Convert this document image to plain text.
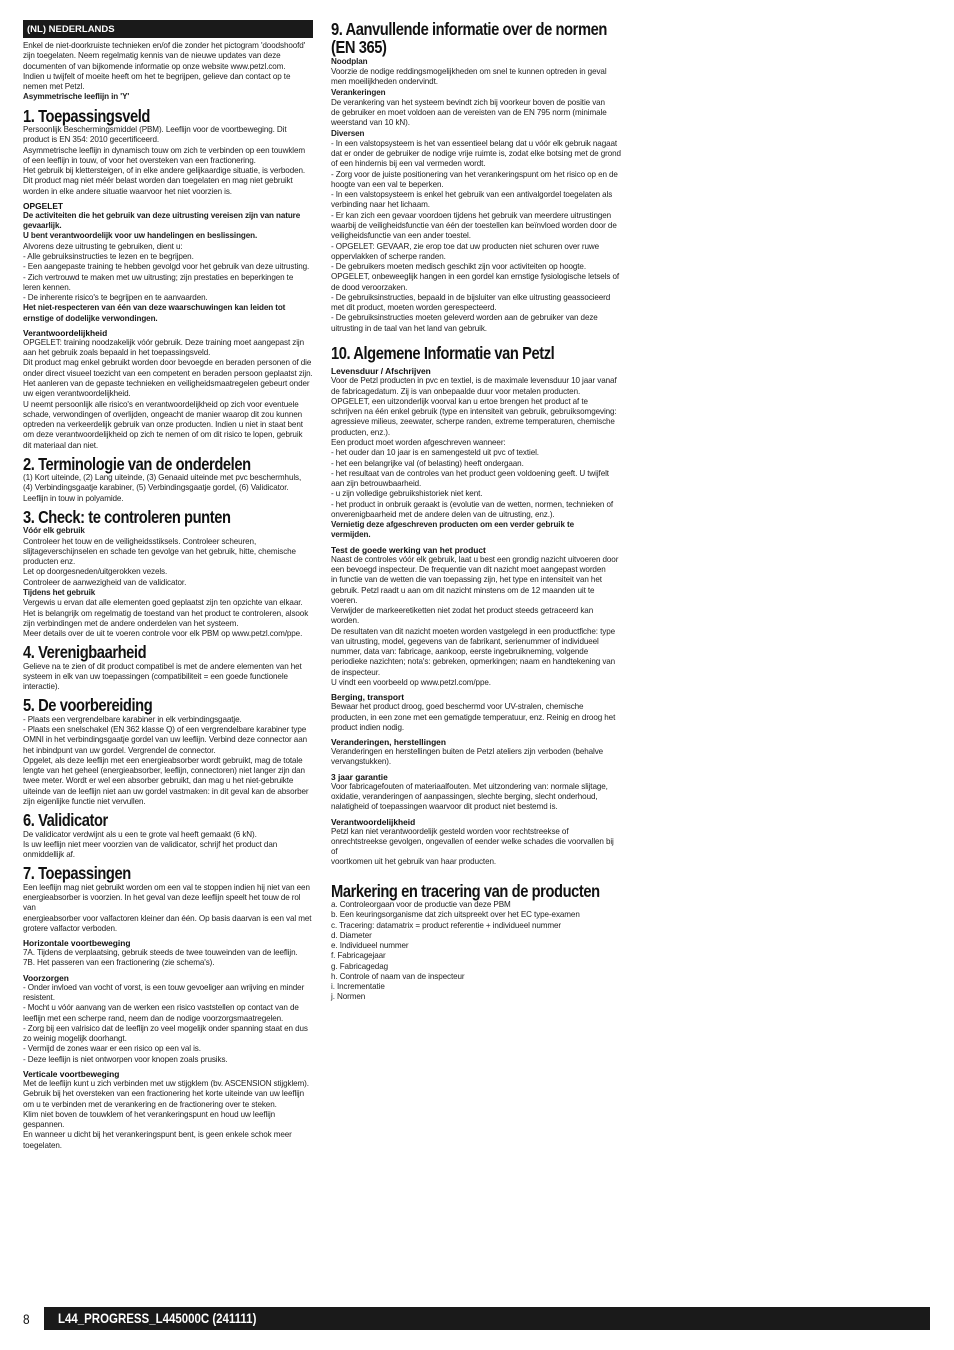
(NL) NEDERLANDS

Enkel de niet-doorkruiste technieken en/of die zonder het pictogram 'doodshoofd'
zijn toegelaten. Neem regelmatig kennis van de nieuwe updates van deze
documenten of van bijkomende informatie op onze website www.petzl.com.
Indien u twijfelt of moeite heeft om het te begrijpen, gelieve dan contact op te
nemen met Petzl.

Asymmetrische leeflijn in 'Y'

1. Toepassingsveld

Persoonlijk Beschermingsmiddel (PBM). Leeflijn voor de voortbeweging. Dit
product is EN 354: 2010 gecertificeerd.
Asymmetrische leeflijn in dynamisch touw om zich te verbinden op een touwklem
of een leeflijn in touw, of voor het oversteken van een fractionering.
Het gebruik bij klettersteigen, of in elke andere gelijkaardige situatie, is verboden.
Dit product mag niet méér belast worden dan toegelaten en mag niet gebruikt
worden in elke andere situatie waarvoor het niet voorzien is.

OPGELET

De activiteiten die het gebruik van deze uitrusting vereisen zijn van nature
gevaarlijk.
U bent verantwoordelijk voor uw handelingen en beslissingen.

Alvorens deze uitrusting te gebruiken, dient u:
- Alle gebruiksinstructies te lezen en te begrijpen.
- Een aangepaste training te hebben gevolgd voor het gebruik van deze uitrusting.
- Zich vertrouwd te maken met uw uitrusting; zijn prestaties en beperkingen te
leren kennen.
- De inherente risico's te begrijpen en te aanvaarden.

Het niet-respecteren van één van deze waarschuwingen kan leiden tot
ernstige of dodelijke verwondingen.

Verantwoordelijkheid

OPGELET: training noodzakelijk vóór gebruik. Deze training moet aangepast zijn
aan het gebruik zoals bepaald in het toepassingsveld.
Dit product mag enkel gebruikt worden door bevoegde en beraden personen of die
onder direct visueel toezicht van een competent en beraden persoon geplaatst zijn.
Het aanleren van de gepaste technieken en veiligheidsmaatregelen gebeurt onder
uw eigen verantwoordelijkheid.
U neemt persoonlijk alle risico's en verantwoordelijkheid op zich voor eventuele
schade, verwondingen of overlijden, ongeacht de manier waarop dit zou kunnen
optreden na verkeerdelijk gebruik van onze producten. Indien u niet in staat bent
om deze verantwoordelijkheid op zich te nemen of om dit risico te lopen, gebruik
dit materiaal dan niet.

2. Terminologie van de onderdelen

(1) Kort uiteinde, (2) Lang uiteinde, (3) Genaaid uiteinde met pvc beschermhuls,
(4) Verbindingsgaatje karabiner, (5) Verbindingsgaatje gordel, (6) Validicator.
Leeflijn in touw in polyamide.

3. Check: te controleren punten

Vóór elk gebruik

Controleer het touw en de veiligheidsstiksels. Controleer scheuren,
slijtageverschijnselen en schade ten gevolge van het gebruik, hitte, chemische
producten enz.
Let op doorgesneden/uitgerokken vezels.
Controleer de aanwezigheid van de validicator.

Tijdens het gebruik

Vergewis u ervan dat alle elementen goed geplaatst zijn ten opzichte van elkaar.
Het is belangrijk om regelmatig de toestand van het product te controleren, alsook
zijn verbindingen met de andere onderdelen van het systeem.
Meer details over de uit te voeren controle voor elk PBM op www.petzl.com/ppe.

4. Verenigbaarheid

Gelieve na te zien of dit product compatibel is met de andere elementen van het
systeem in elk van uw toepassingen (compatibiliteit = een goede functionele
interactie).

5. De voorbereiding

- Plaats een vergrendelbare karabiner in elk verbindingsgaatje.
- Plaats een snelschakel (EN 362 klasse Q) of een vergrendelbare karabiner type
OMNI in het verbindingsgaatje gordel van uw leeflijn. Verbind deze connector aan
het inbindpunt van uw gordel. Vergrendel de connector.
Opgelet, als deze leeflijn met een energieabsorber wordt gebruikt, mag de totale
lengte van het geheel (energieabsorber, leeflijn, connectoren) niet langer zijn dan
twee meter. Wordt er wel een absorber gebruikt, dan mag u het niet-gebruikte
uiteinde van de leeflijn niet aan uw gordel vastmaken: in dit geval kan de absorber
zijn eigenlijke functie niet vervullen.

6. Validicator

De validicator verdwijnt als u een te grote val heeft gemaakt (6 kN).
Is uw leeflijn niet meer voorzien van de validicator, schrijf het product dan
onmiddellijk af.

7. Toepassingen

Een leeflijn mag niet gebruikt worden om een val te stoppen indien hij niet van een
energieabsorber is voorzien. In het geval van deze leeflijn speelt het touw de rol van
energieabsorber voor valfactoren kleiner dan één. Op basis daarvan is een val met
grotere valfactor verboden.

Horizontale voortbeweging

7A. Tijdens de verplaatsing, gebruik steeds de twee touweinden van de leeflijn.
7B. Het passeren van een fractionering (zie schema's).

Voorzorgen

- Onder invloed van vocht of vorst, is een touw gevoeliger aan wrijving en minder
resistent.
- Mocht u vóór aanvang van de werken een risico vaststellen op contact van de
leeflijn met een scherpe rand, neem dan de nodige voorzorgsmaatregelen.
- Zorg bij een valrisico dat de leeflijn zo veel mogelijk onder spanning staat en dus
zo weinig mogelijk doorhangt.
- Vermijd de zones waar er een risico op een val is.
- Deze leeflijn is niet ontworpen voor knopen zoals prusiks.

Verticale voortbeweging

Met de leeflijn kunt u zich verbinden met uw stijgklem (bv. ASCENSION stijgklem).
Gebruik bij het oversteken van een fractionering het korte uiteinde van uw leeflijn
om u te verbinden met de verankering en de fractionering over te steken.
Klim niet boven de touwklem of het verankeringspunt en houd uw leeflijn
gespannen.
En wanneer u dicht bij het verankeringspunt bent, is geen enkele schok meer
toegelaten.

9. Aanvullende informatie over de normen (EN 365)

Noodplan

Voorzie de nodige reddingsmogelijkheden om snel te kunnen optreden in geval
men moeilijkheden ondervindt.

Verankeringen

De verankering van het systeem bevindt zich bij voorkeur boven de positie van
de gebruiker en moet voldoen aan de vereisten van de EN 795 norm (minimale
weerstand van 10 kN).

Diversen

- In een valstopsysteem is het van essentieel belang dat u vóór elk gebruik nagaat
dat er onder de gebruiker de nodige vrije ruimte is, zodat elke botsing met de grond
of een hindernis bij een val vermeden wordt.
- Zorg voor de juiste positionering van het verankeringspunt om het risico op en de
hoogte van een val te beperken.
- In een valstopsysteem is enkel het gebruik van een antivalgordel toegelaten als
verbinding naar het lichaam.
- Er kan zich een gevaar voordoen tijdens het gebruik van meerdere uitrustingen
waarbij de veiligheidsfunctie van één der toestellen kan beïnvloed worden door de
veiligheidsfunctie van een ander toestel.
- OPGELET: GEVAAR, zie erop toe dat uw producten niet schuren over ruwe
oppervlakken of scherpe randen.
- De gebruikers moeten medisch geschikt zijn voor activiteiten op hoogte.
OPGELET, onbeweeglijk hangen in een gordel kan ernstige fysiologische letsels of
de dood veroorzaken.
- De gebruiksinstructies, bepaald in de bijsluiter van elke uitrusting geassocieerd
met dit product, moeten worden gerespecteerd.
- De gebruiksinstructies moeten geleverd worden aan de gebruiker van deze
uitrusting in de taal van het land van gebruik.

10. Algemene Informatie van Petzl
Levensduur / Afschrijven

Voor de Petzl producten in pvc en textiel, is de maximale levensduur 10 jaar vanaf
de fabricagedatum. Zij is van onbepaalde duur voor metalen producten.
OPGELET, een uitzonderlijk voorval kan u ertoe brengen het product af te
schrijven na één enkel gebruik (type en intensiteit van gebruik, gebruiksomgeving:
agressieve milieus, zeewater, scherpe randen, extreme temperaturen, chemische
producten, enz.).
Een product moet worden afgeschreven wanneer:
- het ouder dan 10 jaar is en samengesteld uit pvc of textiel.
- het een belangrijke val (of belasting) heeft ondergaan.
- het resultaat van de controles van het product geen voldoening geeft. U twijfelt
aan zijn betrouwbaarheid.
- u zijn volledige gebruikshistoriek niet kent.
- het product in onbruik geraakt is (evolutie van de wetten, normen, technieken of
onverenigbaarheid met de andere delen van de uitrusting, enz.).

Vernietig deze afgeschreven producten om een verder gebruik te
vermijden.

Test de goede werking van het product

Naast de controles vóór elk gebruik, laat u best een grondig nazicht uitvoeren door
een bevoegd inspecteur. De frequentie van dit nazicht moet aangepast worden
in functie van de wetten die van toepassing zijn, het type en intensiteit van het
gebruik. Petzl raadt u aan om dit nazicht minstens om de 12 maanden uit te voeren.
Verwijder de markeeretiketten niet zodat het product steeds getraceerd kan worden.
De resultaten van dit nazicht moeten worden vastgelegd in een productfiche: type
van uitrusting, model, gegevens van de fabrikant, serienummer of individueel
nummer, data van: fabricage, aankoop, eerste ingebruikneming, volgende
periodieke nazichten; nota's: gebreken, opmerkingen; naam en handtekening van
de inspecteur.
U vindt een voorbeeld op www.petzl.com/ppe.

Berging, transport

Bewaar het product droog, goed beschermd voor UV-stralen, chemische
producten, in een zone met een gematigde temperatuur, enz. Reinig en droog het
product indien nodig.

Veranderingen, herstellingen

Veranderingen en herstellingen buiten de Petzl ateliers zijn verboden (behalve
vervangstukken).

3 jaar garantie

Voor fabricagefouten of materiaalfouten. Met uitzondering van: normale slijtage,
oxidatie, veranderingen of aanpassingen, slechte berging, slecht onderhoud,
nalatigheid of toepassingen waarvoor dit product niet bestemd is.

Verantwoordelijkheid

Petzl kan niet verantwoordelijk gesteld worden voor rechtstreekse of
onrechtstreekse gevolgen, ongevallen of eender welke schades die voorvallen bij of
voortkomen uit het gebruik van haar producten.

Markering en tracering van de producten

a. Controleorgaan voor de productie van deze PBM
b. Een keuringsorganisme dat zich uitspreekt over het EC type-examen
c. Tracering: datamatrix = product referentie + individueel nummer
d. Diameter
e. Individueel nummer
f. Fabricagejaar
g. Fabricagedag
h. Controle of naam van de inspecteur
i. Incrementatie
j. Normen

8 L44_PROGRESS_L445000C (241111)
